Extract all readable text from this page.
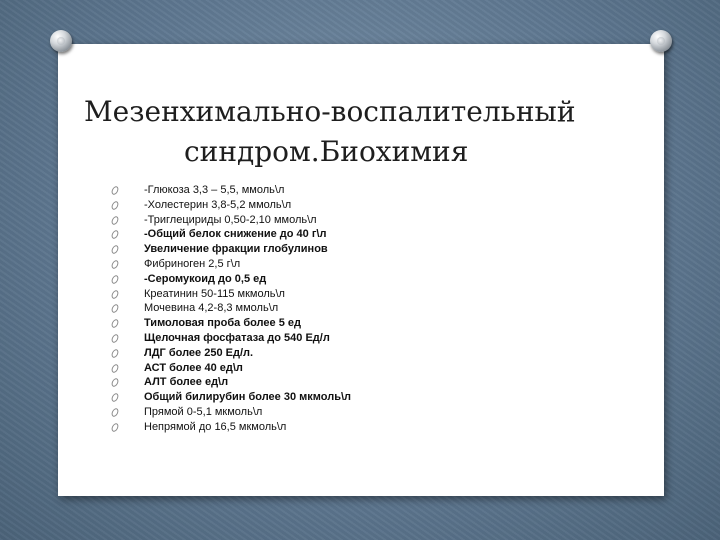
Мезенхимально-воспалительный
синдром.Биохимия
-Глюкоза 3,3 – 5,5, ммоль\л
-Холестерин 3,8-5,2 ммоль\л
-Триглецириды 0,50-2,10 ммоль\л
-Общий белок снижение до 40 г\л
Увеличение фракции глобулинов
Фибриноген 2,5 г\л
-Серомукоид до 0,5 ед
Креатинин 50-115 мкмоль\л
Мочевина 4,2-8,3 ммоль\л
Тимоловая проба более 5 ед
Щелочная фосфатаза до 540 Ед/л
ЛДГ более 250 Ед/л.
АСТ более 40 ед\л
АЛТ более ед\л
Общий билирубин более 30 мкмоль\л
Прямой 0-5,1 мкмоль\л
Непрямой до 16,5 мкмоль\л
